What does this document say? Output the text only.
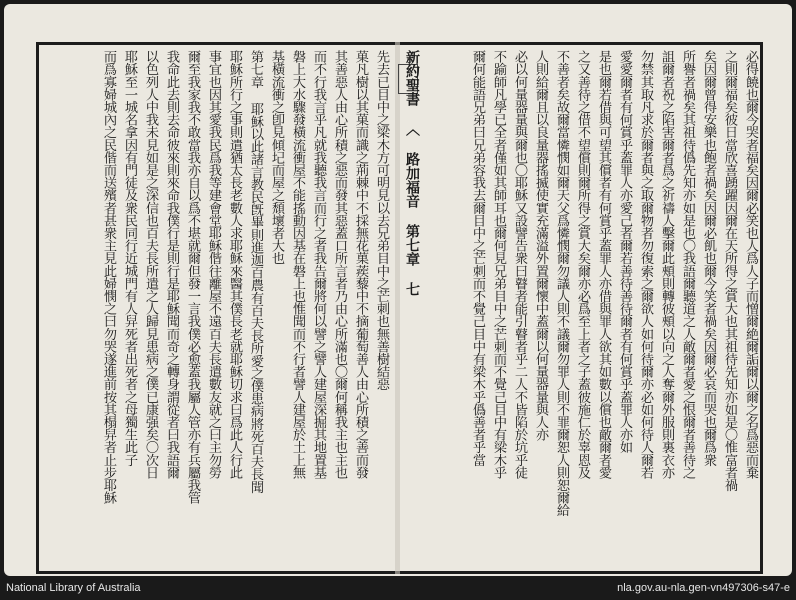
必得饒也爾今哭者福矣因爾必笑也人爲人子而憎爾絶爾詬爾以爾之名爲惡而棄
之則爾福矣彼日當欣喜踴躍因爾在天所得之賞大也其祖待先知亦如是〇惟富者禍
矣因爾曾得安樂也飽者禍矣因爾必飢也爾今笑者禍矣因爾必哀而哭也爾爲衆
所譽者禍矣其祖待僞先知亦如是也〇我語爾聽道之人敵爾者愛之恨爾者善待之
詛爾者祝之陷害爾者爲之祈禱人擊爾此頰則轉彼頰以向之人奪爾外服則裏衣亦
勿禁其取凡求於爾者與之取爾物者勿復索之爾欲人如何待爾亦必如何待人爾若
愛愛爾者有何賞乎蓋罪人亦愛己者爾若善待善待爾者有何賞乎蓋罪人亦如
是也爾若借與可望其償者有何賞乎蓋罪人亦借與罪人欲其如數以償也敵爾者愛
之又善待之借不望償則爾所得之賞大矣爾亦必爲至上者之子蓋彼施仁於辜恩及
不善者矣故爾當憐憫如爾天父爲憐憫爾勿議人則不議爾勿罪人則不罪爾恕人則恕爾給
人則給爾且以良量器搖揻使實充滿溢外置爾懷中蓋爾以何量器量與人亦
必以何量器量與爾也〇耶穌又設譬告衆曰瞽者能引瞽者乎二人不皆陷於坑乎徒
不踰師凡學已全者僅如其師耳也爾何見兄弟目中之芒刺而不覺己目中有梁木乎
爾何能語兄弟曰兄弟容我去爾目中之芒刺而不覺己目中有梁木乎僞善者乎當
新約聖書 〈 路加福音 第七章 七
先去已目中之梁木方可明見以去兄弟目中之芒刺也無善樹結惡
菓凡樹以其菓而識之荊棘中不採無花菓蒺藜中不摘葡萄善人由心所積之善而發
其善惡人由心所積之惡而發其惡蓋口所言者乃由心所滿也〇爾何稱我主也主也
而不行我言乎凡就我聽我言而行之者我告爾將何以譬之譬人建屋深掘其地置基
磐上大水驟發橫流衝屋不能搖動因基在磐上也惟聞而不行者譬人建屋於土上無
基橫流衝之卽見傾圮而屋之頹壞者大也
第七章 耶穌以此諸言教民旣畢則進迦百農有百夫長所愛之僕患病將死百夫長聞
耶穌所行之事則遣猶太長老數人求耶穌來醫其僕長老就耶穌切求曰爲此人行此
事宜也因其愛我民爲我等建會堂耶穌偕往離屋不遠百夫長遣數友就之曰主勿勞
爾至我家我不敢當我亦自以爲不堪就爾但發一言我僕必愈蓋我屬人管亦有兵屬我管
我命此去則去命彼來則來命我僕行是則行是耶穌聞而奇之轉身謂從者曰我語爾
以色列人中我未見如是之深信也百夫長所遣之人歸見患病之僕已康强矣〇次日
耶穌至一城名拿因有門徒及衆民同行近城門有人舁死者出死者之母獨生此子
而爲寡婦城內之民偕而送殯者甚衆主見此婦憫之曰勿哭遂進前按其榻舁者止步耶穌
National Library of Australia	nla.gov.au-nla.gen-vn497306-s47-e
